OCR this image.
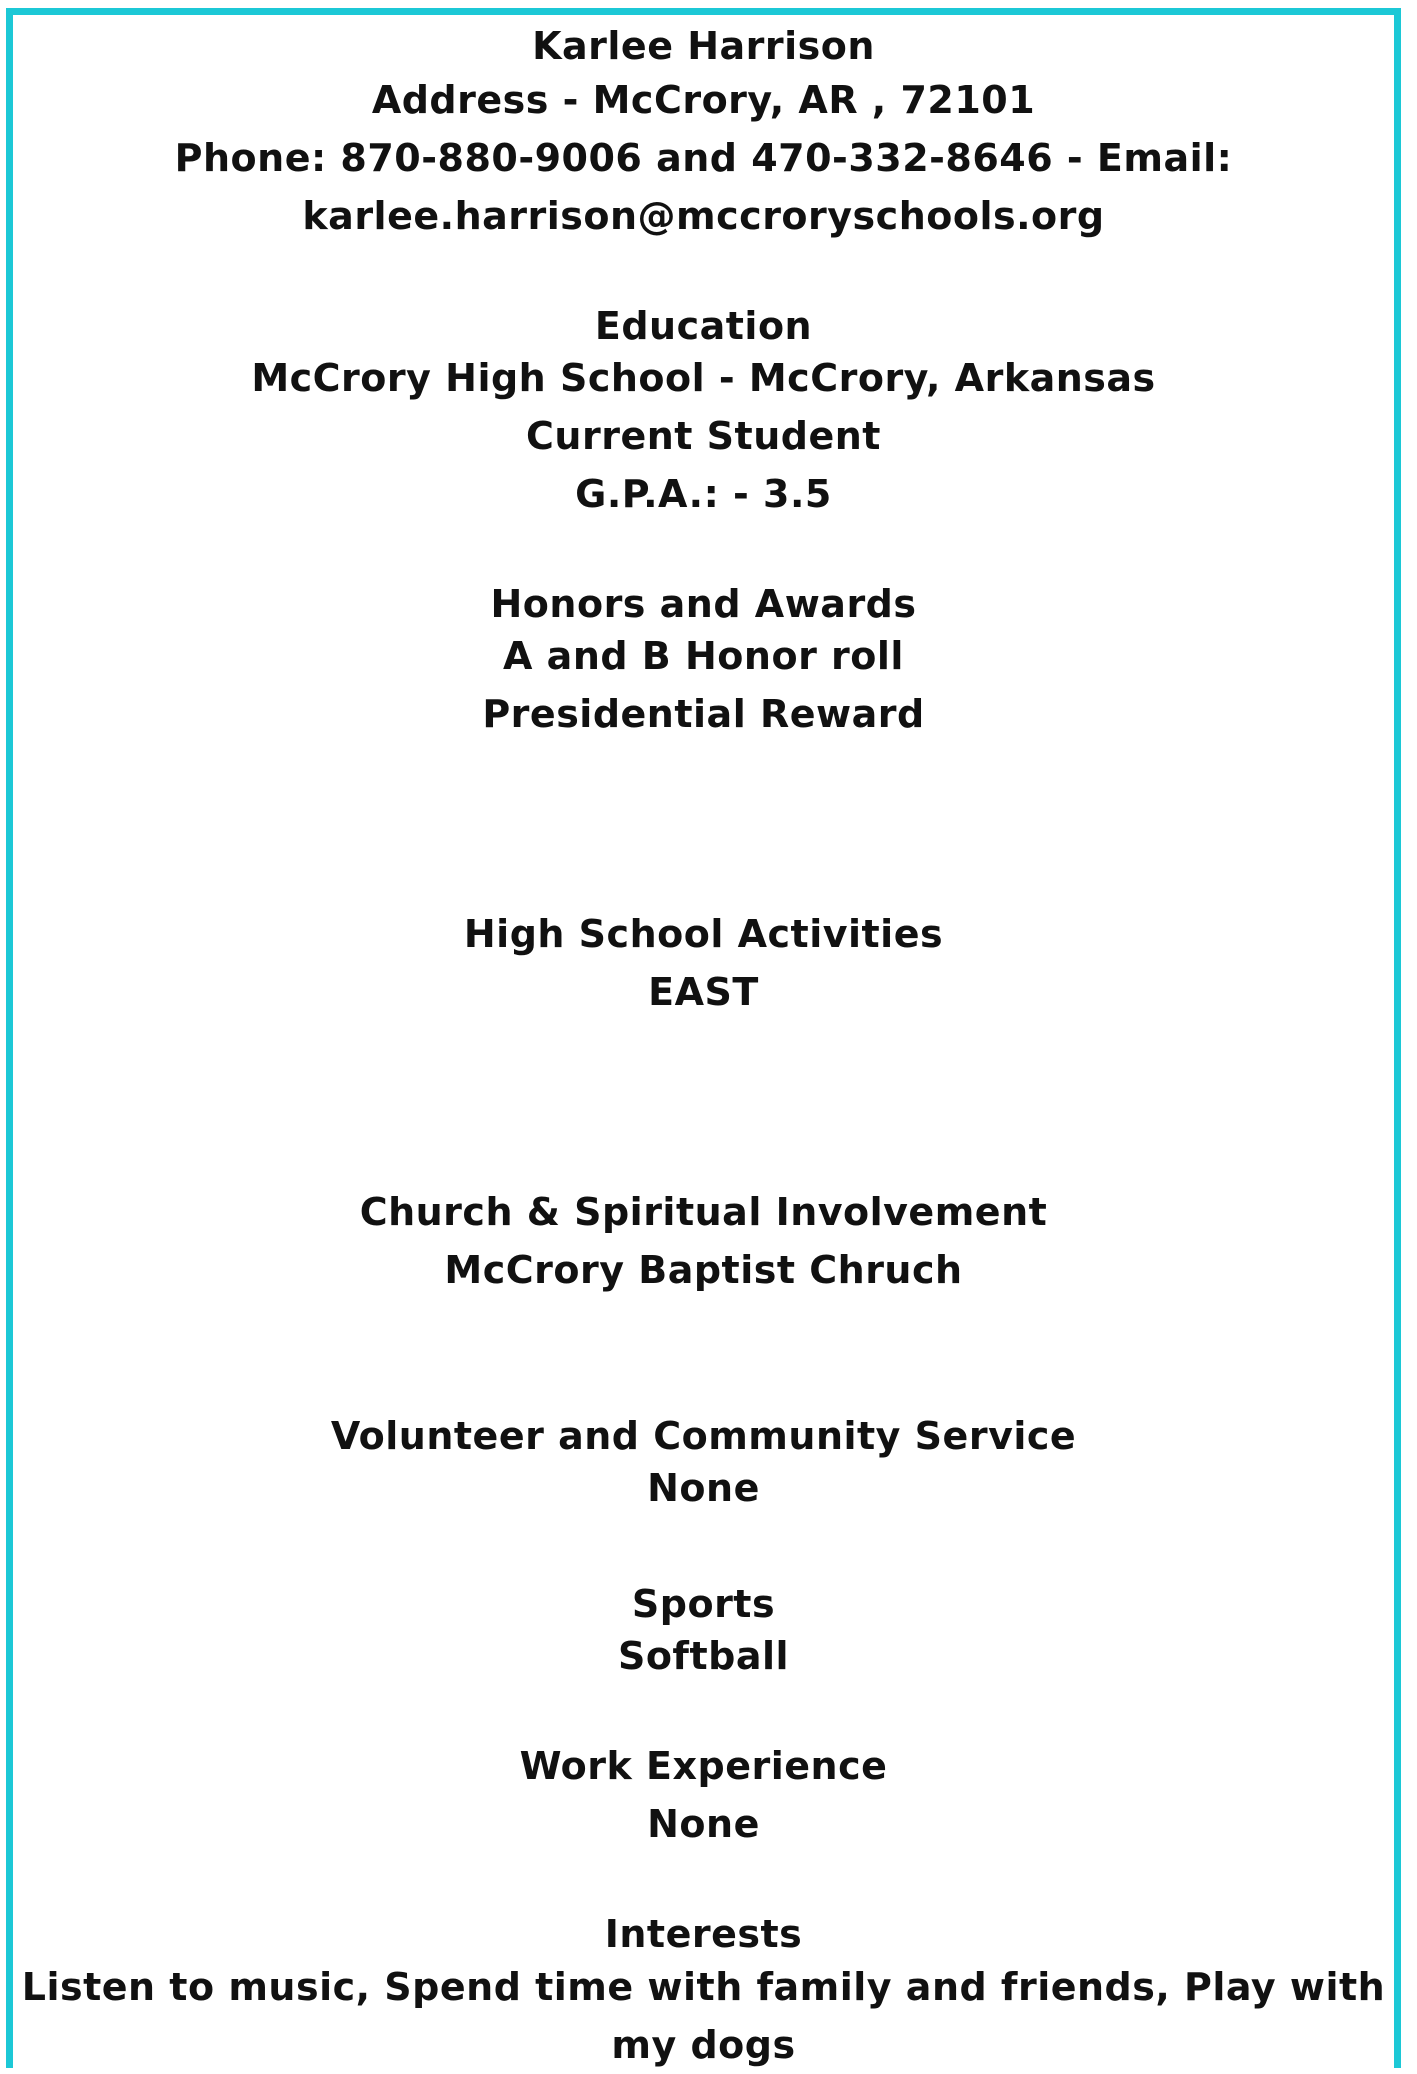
Karlee Harrison
Address - McCrory, AR , 72101
Phone: 870-880-9006 and 470-332-8646 - Email:
karlee.harrison@mccroryschools.org
Education
McCrory High School - McCrory, Arkansas
Current Student
G.P.A.: - 3.5
Honors and Awards
A and B Honor roll
Presidential Reward
High School Activities
EAST
Church & Spiritual Involvement
McCrory Baptist Chruch
Volunteer and Community Service
None
Sports
Softball
Work Experience
None
Interests
Listen to music, Spend time with family and friends, Play with my dogs
